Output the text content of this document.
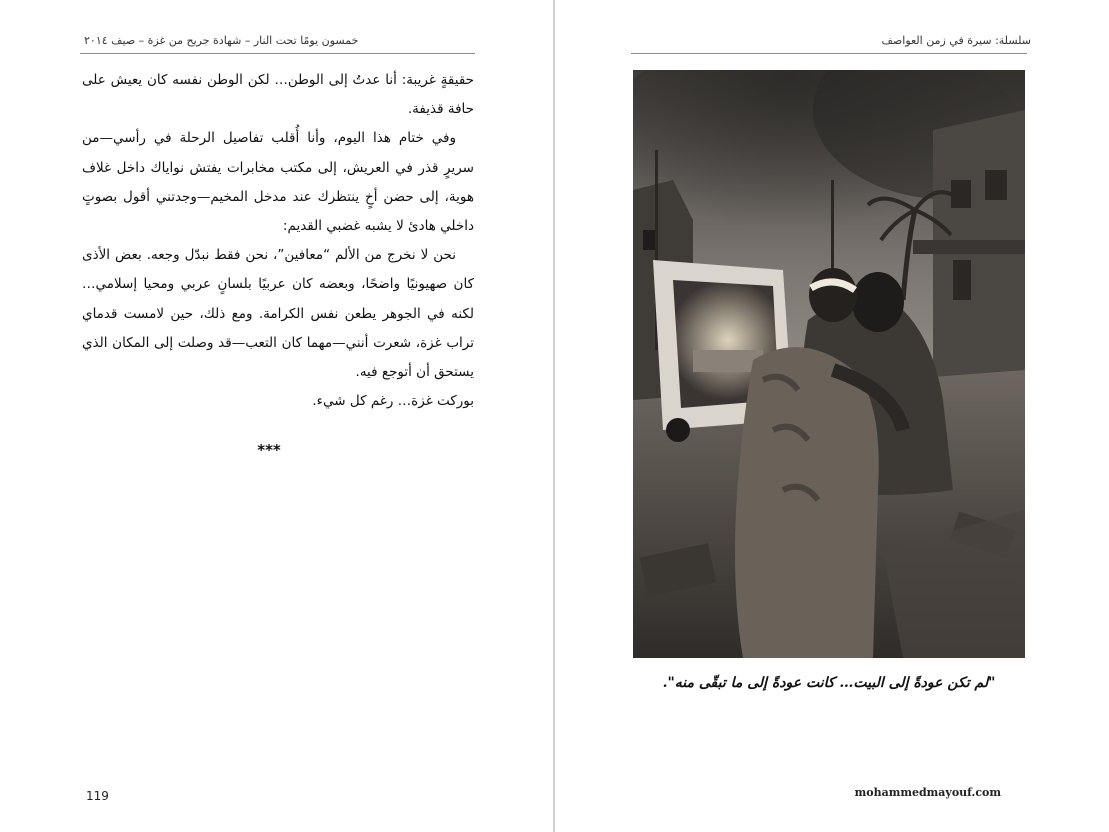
خمسون يومًا تحت النار – شهادة جريح من غزة – صيف ٢٠١٤

حقيقةٍ غريبة: أنا عدتُ إلى الوطن… لكن الوطن نفسه كان يعيش على حافة قذيفة.

وفي ختام هذا اليوم، وأنا أُقلب تفاصيل الرحلة في رأسي—من سريرٍ قذر في العريش، إلى مكتب مخابرات يفتش نواياك داخل غلاف هوية، إلى حضن أخٍ ينتظرك عند مدخل المخيم—وجدتني أقول بصوتٍ داخلي هادئ لا يشبه غضبي القديم:

نحن لا نخرج من الألم “معافين”، نحن فقط نبدّل وجعه. بعض الأذى كان صهيونيًا واضحًا، وبعضه كان عربيًا بلسانٍ عربي ومحيا إسلامي… لكنه في الجوهر يطعن نفس الكرامة. ومع ذلك، حين لامست قدماي تراب غزة، شعرت أنني—مهما كان التعب—قد وصلت إلى المكان الذي يستحق أن أتوجع فيه.

بوركت غزة… رغم كل شيء.

***
119
سلسلة: سيرة في زمن العواصف
"لم تكن عودةً إلى البيت… كانت عودةً إلى ما تبقّى منه".
mohammedmayouf.com
